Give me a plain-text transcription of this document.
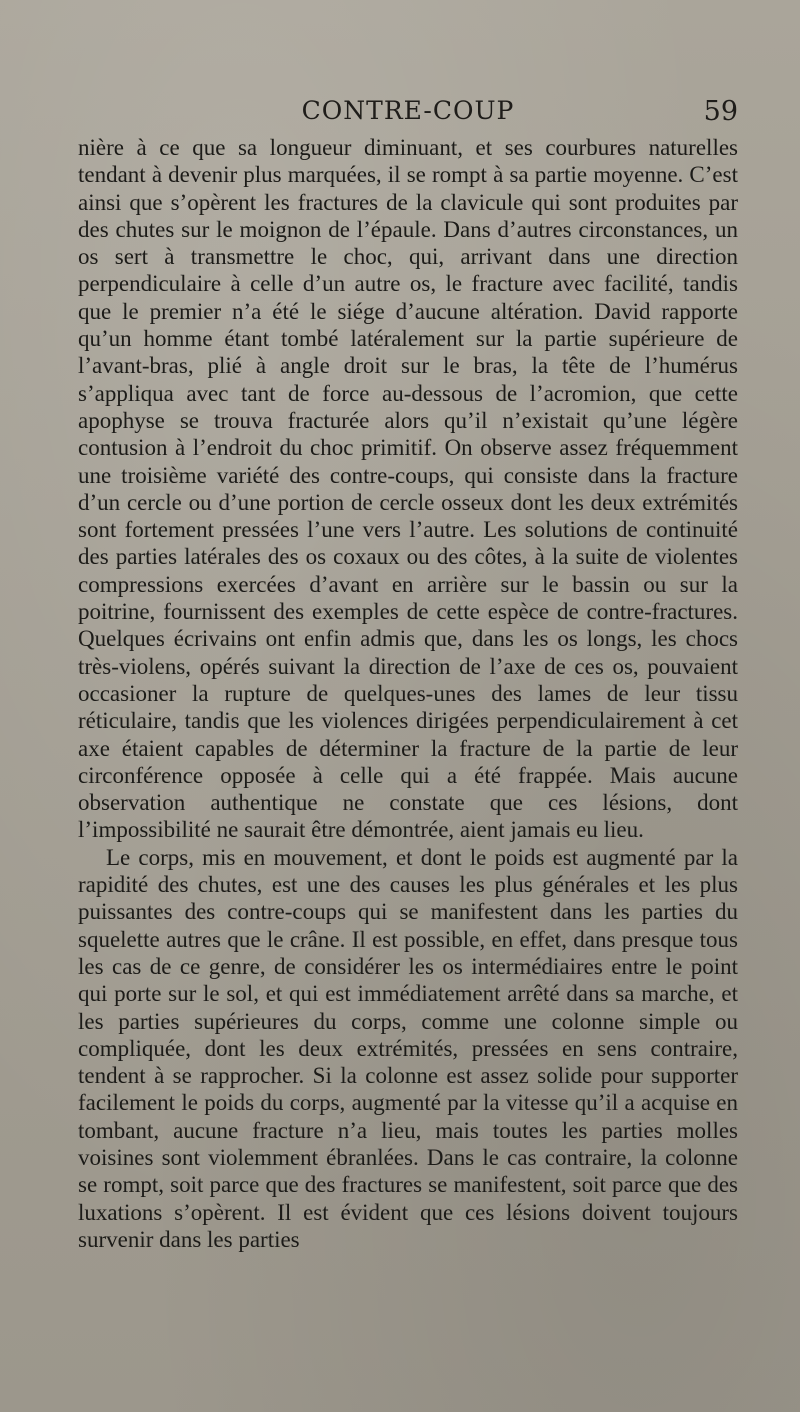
CONTRE-COUP	59

nière à ce que sa longueur diminuant, et ses courbures naturelles tendant à devenir plus marquées, il se rompt à sa partie moyenne. C’est ainsi que s’opèrent les fractures de la clavicule qui sont produites par des chutes sur le moignon de l’épaule. Dans d’autres circonstances, un os sert à transmettre le choc, qui, arrivant dans une direction perpendiculaire à celle d’un autre os, le fracture avec facilité, tandis que le premier n’a été le siége d’aucune altération. David rapporte qu’un homme étant tombé latéralement sur la partie supérieure de l’avant-bras, plié à angle droit sur le bras, la tête de l’humérus s’appliqua avec tant de force au-dessous de l’acromion, que cette apophyse se trouva fracturée alors qu’il n’existait qu’une légère contusion à l’endroit du choc primitif. On observe assez fréquemment une troisième variété des contre-coups, qui consiste dans la fracture d’un cercle ou d’une portion de cercle osseux dont les deux extrémités sont fortement pressées l’une vers l’autre. Les solutions de continuité des parties latérales des os coxaux ou des côtes, à la suite de violentes compressions exercées d’avant en arrière sur le bassin ou sur la poitrine, fournissent des exemples de cette espèce de contre-fractures. Quelques écrivains ont enfin admis que, dans les os longs, les chocs très-violens, opérés suivant la direction de l’axe de ces os, pouvaient occasioner la rupture de quelques-unes des lames de leur tissu réticulaire, tandis que les violences dirigées perpendiculairement à cet axe étaient capables de déterminer la fracture de la partie de leur circonférence opposée à celle qui a été frappée. Mais aucune observation authentique ne constate que ces lésions, dont l’impossibilité ne saurait être démontrée, aient jamais eu lieu.

Le corps, mis en mouvement, et dont le poids est augmenté par la rapidité des chutes, est une des causes les plus générales et les plus puissantes des contre-coups qui se manifestent dans les parties du squelette autres que le crâne. Il est possible, en effet, dans presque tous les cas de ce genre, de considérer les os intermédiaires entre le point qui porte sur le sol, et qui est immédiatement arrêté dans sa marche, et les parties supérieures du corps, comme une colonne simple ou compliquée, dont les deux extrémités, pressées en sens contraire, tendent à se rapprocher. Si la colonne est assez solide pour supporter facilement le poids du corps, augmenté par la vitesse qu’il a acquise en tombant, aucune fracture n’a lieu, mais toutes les parties molles voisines sont violemment ébranlées. Dans le cas contraire, la colonne se rompt, soit parce que des fractures se manifestent, soit parce que des luxations s’opèrent. Il est évident que ces lésions doivent toujours survenir dans les parties
